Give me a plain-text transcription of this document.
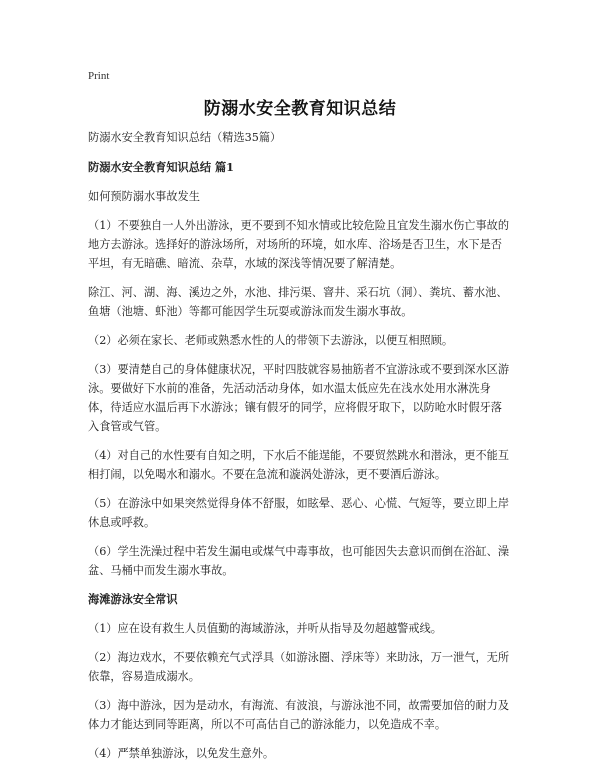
Print
防溺水安全教育知识总结

防溺水安全教育知识总结（精选35篇）

防溺水安全教育知识总结 篇1

如何预防溺水事故发生

（1）不要独自一人外出游泳，更不要到不知水情或比较危险且宜发生溺水伤亡事故的地方去游泳。选择好的游泳场所，对场所的环境，如水库、浴场是否卫生，水下是否平坦，有无暗礁、暗流、杂草，水域的深浅等情况要了解清楚。

除江、河、湖、海、溪边之外，水池、排污渠、窨井、采石坑（洞）、粪坑、蓄水池、鱼塘（池塘、虾池）等都可能因学生玩耍或游泳而发生溺水事故。

（2）必须在家长、老师或熟悉水性的人的带领下去游泳，以便互相照顾。

（3）要清楚自己的身体健康状况，平时四肢就容易抽筋者不宜游泳或不要到深水区游泳。要做好下水前的准备，先活动活动身体，如水温太低应先在浅水处用水淋洗身体，待适应水温后再下水游泳；镶有假牙的同学，应将假牙取下，以防呛水时假牙落入食管或气管。

（4）对自己的水性要有自知之明，下水后不能逞能，不要贸然跳水和潜泳，更不能互相打闹，以免喝水和溺水。不要在急流和漩涡处游泳，更不要酒后游泳。

（5）在游泳中如果突然觉得身体不舒服，如眩晕、恶心、心慌、气短等，要立即上岸休息或呼救。

（6）学生洗澡过程中若发生漏电或煤气中毒事故，也可能因失去意识而倒在浴缸、澡盆、马桶中而发生溺水事故。

海滩游泳安全常识

（1）应在设有救生人员值勤的海域游泳，并听从指导及勿超越警戒线。

（2）海边戏水，不要依赖充气式浮具（如游泳圈、浮床等）来助泳，万一泄气，无所依靠，容易造成溺水。

（3）海中游泳，因为是动水，有海流、有波浪，与游泳池不同，故需要加倍的耐力及体力才能达到同等距离，所以不可高估自己的游泳能力，以免造成不幸。

（4）严禁单独游泳，以免发生意外。
